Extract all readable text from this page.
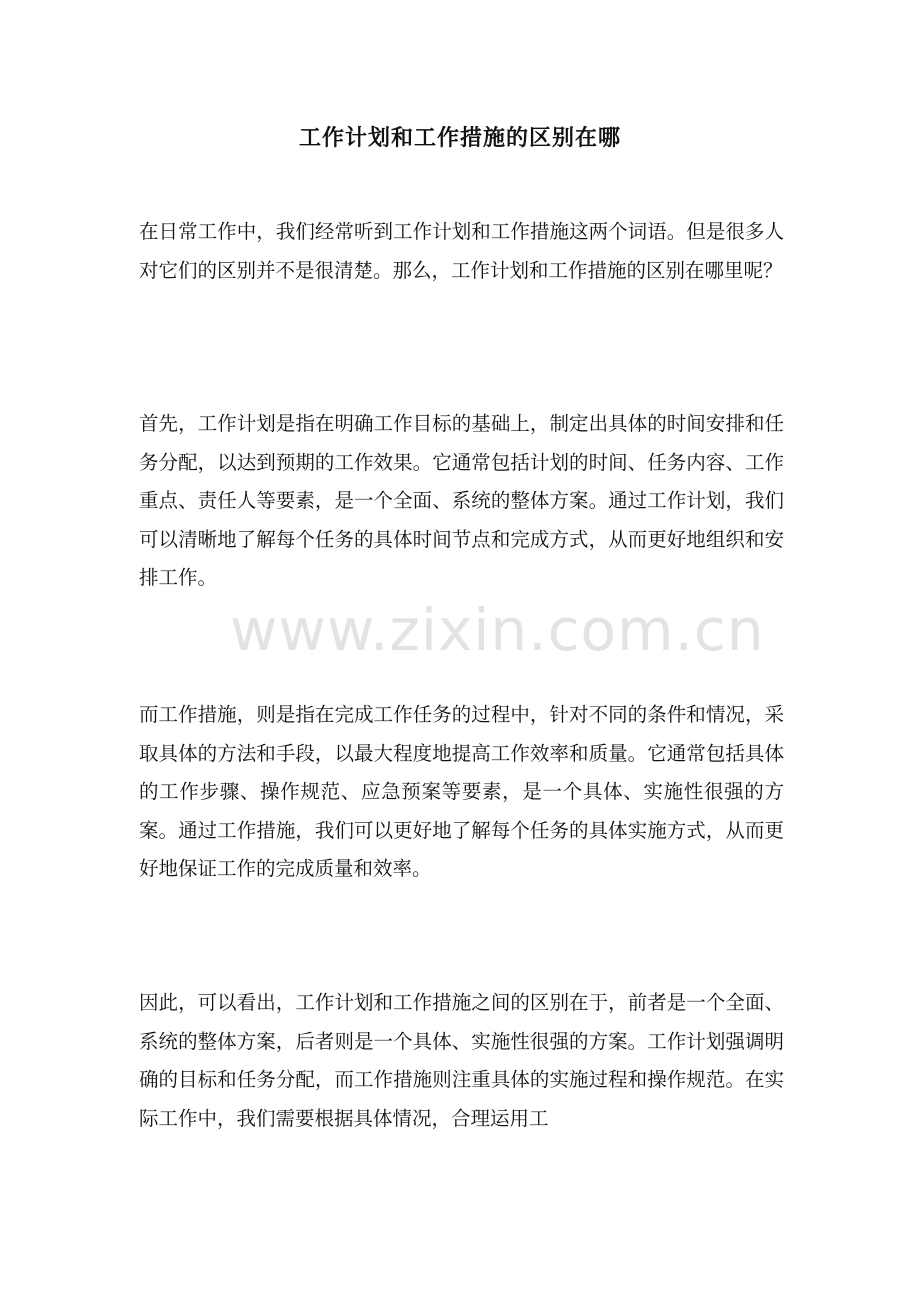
工作计划和工作措施的区别在哪

在日常工作中，我们经常听到工作计划和工作措施这两个词语。但是很多人对它们的区别并不是很清楚。那么，工作计划和工作措施的区别在哪里呢？

首先，工作计划是指在明确工作目标的基础上，制定出具体的时间安排和任务分配，以达到预期的工作效果。它通常包括计划的时间、任务内容、工作重点、责任人等要素，是一个全面、系统的整体方案。通过工作计划，我们可以清晰地了解每个任务的具体时间节点和完成方式，从而更好地组织和安排工作。

而工作措施，则是指在完成工作任务的过程中，针对不同的条件和情况，采取具体的方法和手段，以最大程度地提高工作效率和质量。它通常包括具体的工作步骤、操作规范、应急预案等要素，是一个具体、实施性很强的方案。通过工作措施，我们可以更好地了解每个任务的具体实施方式，从而更好地保证工作的完成质量和效率。

因此，可以看出，工作计划和工作措施之间的区别在于，前者是一个全面、系统的整体方案，后者则是一个具体、实施性很强的方案。工作计划强调明确的目标和任务分配，而工作措施则注重具体的实施过程和操作规范。在实际工作中，我们需要根据具体情况，合理运用工

www.zixin.com.cn
